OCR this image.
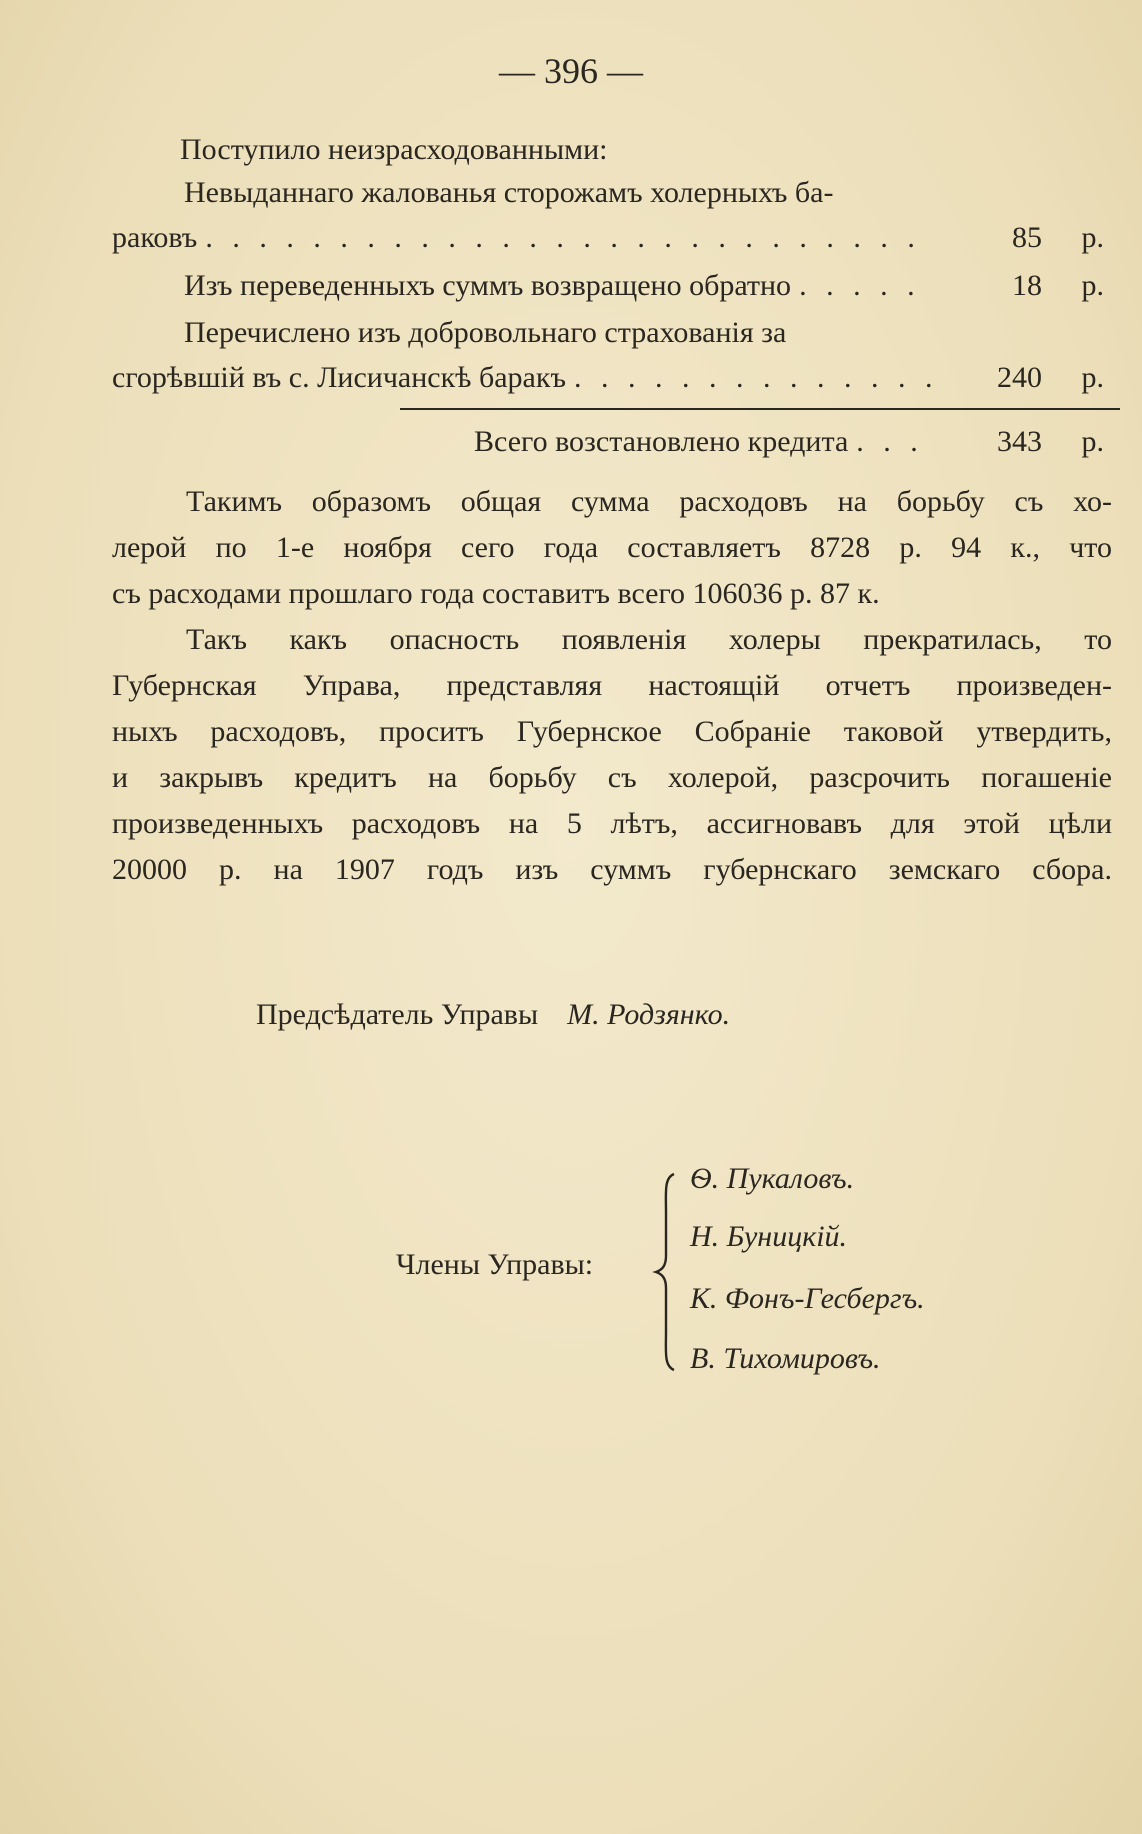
— 396 —
Поступило неизрасходованными:
Невыданнаго жалованья сторожамъ холерныхъ ба-
раковъ . . .	85	р.
Изъ переведенныхъ суммъ возвращено обратно . . .	18	р.
Перечислено изъ добровольнаго страхованія за
сгорѣвшій въ с. Лисичанскѣ баракъ . . .	240	р.
Всего возстановлено кредита . . .	343	р.
Такимъ образомъ общая сумма расходовъ на борьбу съ хо-
лерой по 1-е ноября сего года составляетъ 8728 р. 94 к., что
съ расходами прошлаго года составитъ всего 106036 р. 87 к.
Такъ какъ опасность появленія холеры прекратилась, то
Губернская Управа, представляя настоящій отчетъ произведен-
ныхъ расходовъ, проситъ Губернское Собраніе таковой утвердить,
и закрывъ кредитъ на борьбу съ холерой, разсрочить погашеніе
произведенныхъ расходовъ на 5 лѣтъ, ассигновавъ для этой цѣли
20000 р. на 1907 годъ изъ суммъ губернскаго земскаго сбора.
Предсѣдатель Управы М. Родзянко.
Члены Управы:
Ѳ. Пукаловъ.
Н. Буницкій.
К. Фонъ-Гесбергъ.
В. Тихомировъ.
